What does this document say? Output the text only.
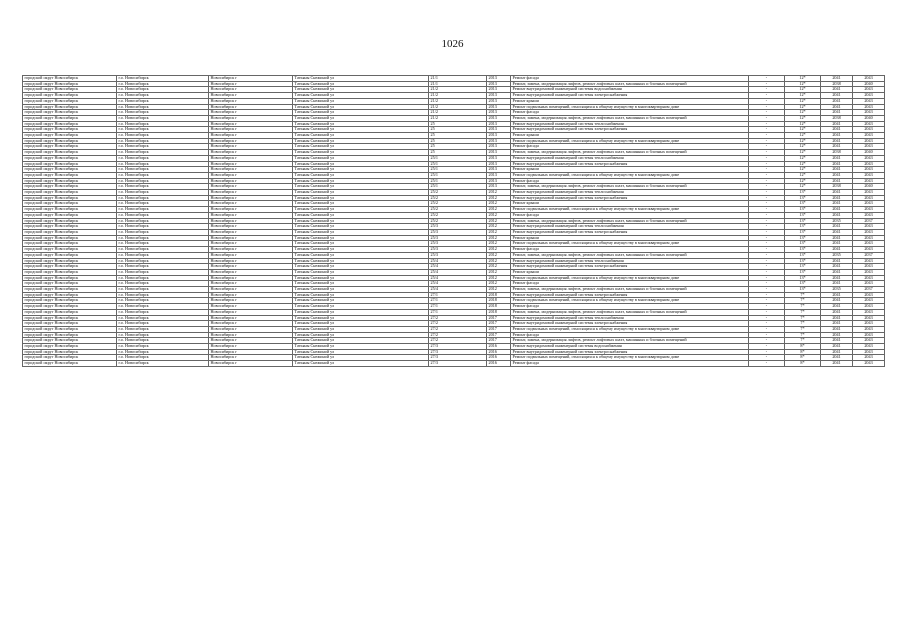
1026
городской округ Новосибирск	г.о. Новосибирск	Новосибирск г	Татьяны Снежиной ул	21/1	2013	Ремонт фасада	-	12*	2041	2043
городской округ Новосибирск	г.о. Новосибирск	Новосибирск г	Татьяны Снежиной ул	21/1	2013	Ремонт, замена, модернизация лифтов, ремонт лифтовых шахт, машинных и блочных помещений	-	12*	2038	2040
городской округ Новосибирск	г.о. Новосибирск	Новосибирск г	Татьяны Снежиной ул	21/2	2013	Ремонт внутридомовой инженерной системы водоснабжения	-	12*	2041	2043
городской округ Новосибирск	г.о. Новосибирск	Новосибирск г	Татьяны Снежиной ул	21/2	2013	Ремонт внутридомовой инженерной системы электроснабжения	-	12*	2041	2043
городской округ Новосибирск	г.о. Новосибирск	Новосибирск г	Татьяны Снежиной ул	21/2	2013	Ремонт крыши	-	12*	2041	2043
городской округ Новосибирск	г.о. Новосибирск	Новосибирск г	Татьяны Снежиной ул	21/2	2013	Ремонт подвальных помещений, относящихся к общему имуществу в многоквартирном доме	-	12*	2041	2043
городской округ Новосибирск	г.о. Новосибирск	Новосибирск г	Татьяны Снежиной ул	21/2	2013	Ремонт фасада	-	12*	2041	2043
городской округ Новосибирск	г.о. Новосибирск	Новосибирск г	Татьяны Снежиной ул	21/2	2013	Ремонт, замена, модернизация лифтов, ремонт лифтовых шахт, машинных и блочных помещений	-	12*	2038	2040
городской округ Новосибирск	г.о. Новосибирск	Новосибирск г	Татьяны Снежиной ул	25	2013	Ремонт внутридомовой инженерной системы теплоснабжения	-	12*	2041	2043
городской округ Новосибирск	г.о. Новосибирск	Новосибирск г	Татьяны Снежиной ул	25	2013	Ремонт внутридомовой инженерной системы электроснабжения	-	12*	2041	2043
городской округ Новосибирск	г.о. Новосибирск	Новосибирск г	Татьяны Снежиной ул	25	2013	Ремонт крыши	-	12*	2041	2043
городской округ Новосибирск	г.о. Новосибирск	Новосибирск г	Татьяны Снежиной ул	25	2013	Ремонт подвальных помещений, относящихся к общему имуществу в многоквартирном доме	-	12*	2041	2043
городской округ Новосибирск	г.о. Новосибирск	Новосибирск г	Татьяны Снежиной ул	25	2013	Ремонт фасада	-	12*	2041	2043
городской округ Новосибирск	г.о. Новосибирск	Новосибирск г	Татьяны Снежиной ул	25	2013	Ремонт, замена, модернизация лифтов, ремонт лифтовых шахт, машинных и блочных помещений	-	12*	2038	2040
городской округ Новосибирск	г.о. Новосибирск	Новосибирск г	Татьяны Снежиной ул	25/1	2013	Ремонт внутридомовой инженерной системы теплоснабжения	-	12*	2041	2043
городской округ Новосибирск	г.о. Новосибирск	Новосибирск г	Татьяны Снежиной ул	25/1	2013	Ремонт внутридомовой инженерной системы электроснабжения	-	12*	2041	2043
городской округ Новосибирск	г.о. Новосибирск	Новосибирск г	Татьяны Снежиной ул	25/1	2013	Ремонт крыши	-	12*	2041	2043
городской округ Новосибирск	г.о. Новосибирск	Новосибирск г	Татьяны Снежиной ул	25/1	2013	Ремонт подвальных помещений, относящихся к общему имуществу в многоквартирном доме	-	12*	2041	2043
городской округ Новосибирск	г.о. Новосибирск	Новосибирск г	Татьяны Снежиной ул	25/1	2013	Ремонт фасада	-	12*	2041	2043
городской округ Новосибирск	г.о. Новосибирск	Новосибирск г	Татьяны Снежиной ул	25/1	2013	Ремонт, замена, модернизация лифтов, ремонт лифтовых шахт, машинных и блочных помещений	-	12*	2038	2040
городской округ Новосибирск	г.о. Новосибирск	Новосибирск г	Татьяны Снежиной ул	25/2	2012	Ремонт внутридомовой инженерной системы теплоснабжения	-	13*	2041	2043
городской округ Новосибирск	г.о. Новосибирск	Новосибирск г	Татьяны Снежиной ул	25/2	2012	Ремонт внутридомовой инженерной системы электроснабжения	-	13*	2041	2043
городской округ Новосибирск	г.о. Новосибирск	Новосибирск г	Татьяны Снежиной ул	25/2	2012	Ремонт крыши	-	13*	2041	2043
городской округ Новосибирск	г.о. Новосибирск	Новосибирск г	Татьяны Снежиной ул	25/2	2012	Ремонт подвальных помещений, относящихся к общему имуществу в многоквартирном доме	-	13*	2041	2043
городской округ Новосибирск	г.о. Новосибирск	Новосибирск г	Татьяны Снежиной ул	25/2	2012	Ремонт фасада	-	13*	2041	2043
городской округ Новосибирск	г.о. Новосибирск	Новосибирск г	Татьяны Снежиной ул	25/2	2012	Ремонт, замена, модернизация лифтов, ремонт лифтовых шахт, машинных и блочных помещений	-	13*	2035	2037
городской округ Новосибирск	г.о. Новосибирск	Новосибирск г	Татьяны Снежиной ул	25/3	2012	Ремонт внутридомовой инженерной системы теплоснабжения	-	13*	2041	2043
городской округ Новосибирск	г.о. Новосибирск	Новосибирск г	Татьяны Снежиной ул	25/3	2012	Ремонт внутридомовой инженерной системы электроснабжения	-	13*	2041	2043
городской округ Новосибирск	г.о. Новосибирск	Новосибирск г	Татьяны Снежиной ул	25/3	2012	Ремонт крыши	-	13*	2041	2043
городской округ Новосибирск	г.о. Новосибирск	Новосибирск г	Татьяны Снежиной ул	25/3	2012	Ремонт подвальных помещений, относящихся к общему имуществу в многоквартирном доме	-	13*	2041	2043
городской округ Новосибирск	г.о. Новосибирск	Новосибирск г	Татьяны Снежиной ул	25/3	2012	Ремонт фасада	-	13*	2041	2043
городской округ Новосибирск	г.о. Новосибирск	Новосибирск г	Татьяны Снежиной ул	25/3	2012	Ремонт, замена, модернизация лифтов, ремонт лифтовых шахт, машинных и блочных помещений	-	13*	2035	2037
городской округ Новосибирск	г.о. Новосибирск	Новосибирск г	Татьяны Снежиной ул	25/4	2012	Ремонт внутридомовой инженерной системы теплоснабжения	-	13*	2041	2043
городской округ Новосибирск	г.о. Новосибирск	Новосибирск г	Татьяны Снежиной ул	25/4	2012	Ремонт внутридомовой инженерной системы электроснабжения	-	13*	2041	2043
городской округ Новосибирск	г.о. Новосибирск	Новосибирск г	Татьяны Снежиной ул	25/4	2012	Ремонт крыши	-	13*	2041	2043
городской округ Новосибирск	г.о. Новосибирск	Новосибирск г	Татьяны Снежиной ул	25/4	2012	Ремонт подвальных помещений, относящихся к общему имуществу в многоквартирном доме	-	13*	2041	2043
городской округ Новосибирск	г.о. Новосибирск	Новосибирск г	Татьяны Снежиной ул	25/4	2012	Ремонт фасада	-	13*	2041	2043
городской округ Новосибирск	г.о. Новосибирск	Новосибирск г	Татьяны Снежиной ул	25/4	2012	Ремонт, замена, модернизация лифтов, ремонт лифтовых шахт, машинных и блочных помещений	-	13*	2035	2037
городской округ Новосибирск	г.о. Новосибирск	Новосибирск г	Татьяны Снежиной ул	27/1	2018	Ремонт внутридомовой инженерной системы электроснабжения	-	7*	2041	2043
городской округ Новосибирск	г.о. Новосибирск	Новосибирск г	Татьяны Снежиной ул	27/1	2018	Ремонт подвальных помещений, относящихся к общему имуществу в многоквартирном доме	-	7*	2041	2043
городской округ Новосибирск	г.о. Новосибирск	Новосибирск г	Татьяны Снежиной ул	27/1	2018	Ремонт фасада	-	7*	2041	2043
городской округ Новосибирск	г.о. Новосибирск	Новосибирск г	Татьяны Снежиной ул	27/1	2018	Ремонт, замена, модернизация лифтов, ремонт лифтовых шахт, машинных и блочных помещений	-	7*	2041	2043
городской округ Новосибирск	г.о. Новосибирск	Новосибирск г	Татьяны Снежиной ул	27/2	2017	Ремонт внутридомовой инженерной системы теплоснабжения	-	7*	2041	2043
городской округ Новосибирск	г.о. Новосибирск	Новосибирск г	Татьяны Снежиной ул	27/2	2017	Ремонт внутридомовой инженерной системы электроснабжения	-	7*	2041	2043
городской округ Новосибирск	г.о. Новосибирск	Новосибирск г	Татьяны Снежиной ул	27/2	2017	Ремонт подвальных помещений, относящихся к общему имуществу в многоквартирном доме	-	7*	2041	2043
городской округ Новосибирск	г.о. Новосибирск	Новосибирск г	Татьяны Снежиной ул	27/2	2017	Ремонт фасада	-	7*	2041	2043
городской округ Новосибирск	г.о. Новосибирск	Новосибирск г	Татьяны Снежиной ул	27/2	2017	Ремонт, замена, модернизация лифтов, ремонт лифтовых шахт, машинных и блочных помещений	-	7*	2041	2043
городской округ Новосибирск	г.о. Новосибирск	Новосибирск г	Татьяны Снежиной ул	27/3	2016	Ремонт внутридомовой инженерной системы водоснабжения	-	8*	2041	2043
городской округ Новосибирск	г.о. Новосибирск	Новосибирск г	Татьяны Снежиной ул	27/3	2016	Ремонт внутридомовой инженерной системы электроснабжения	-	8*	2041	2043
городской округ Новосибирск	г.о. Новосибирск	Новосибирск г	Татьяны Снежиной ул	27/3	2016	Ремонт подвальных помещений, относящихся к общему имуществу в многоквартирном доме	-	8*	2041	2043
городской округ Новосибирск	г.о. Новосибирск	Новосибирск г	Татьяны Снежиной ул	27/3	2016	Ремонт фасада	-	8*	2041	2043
